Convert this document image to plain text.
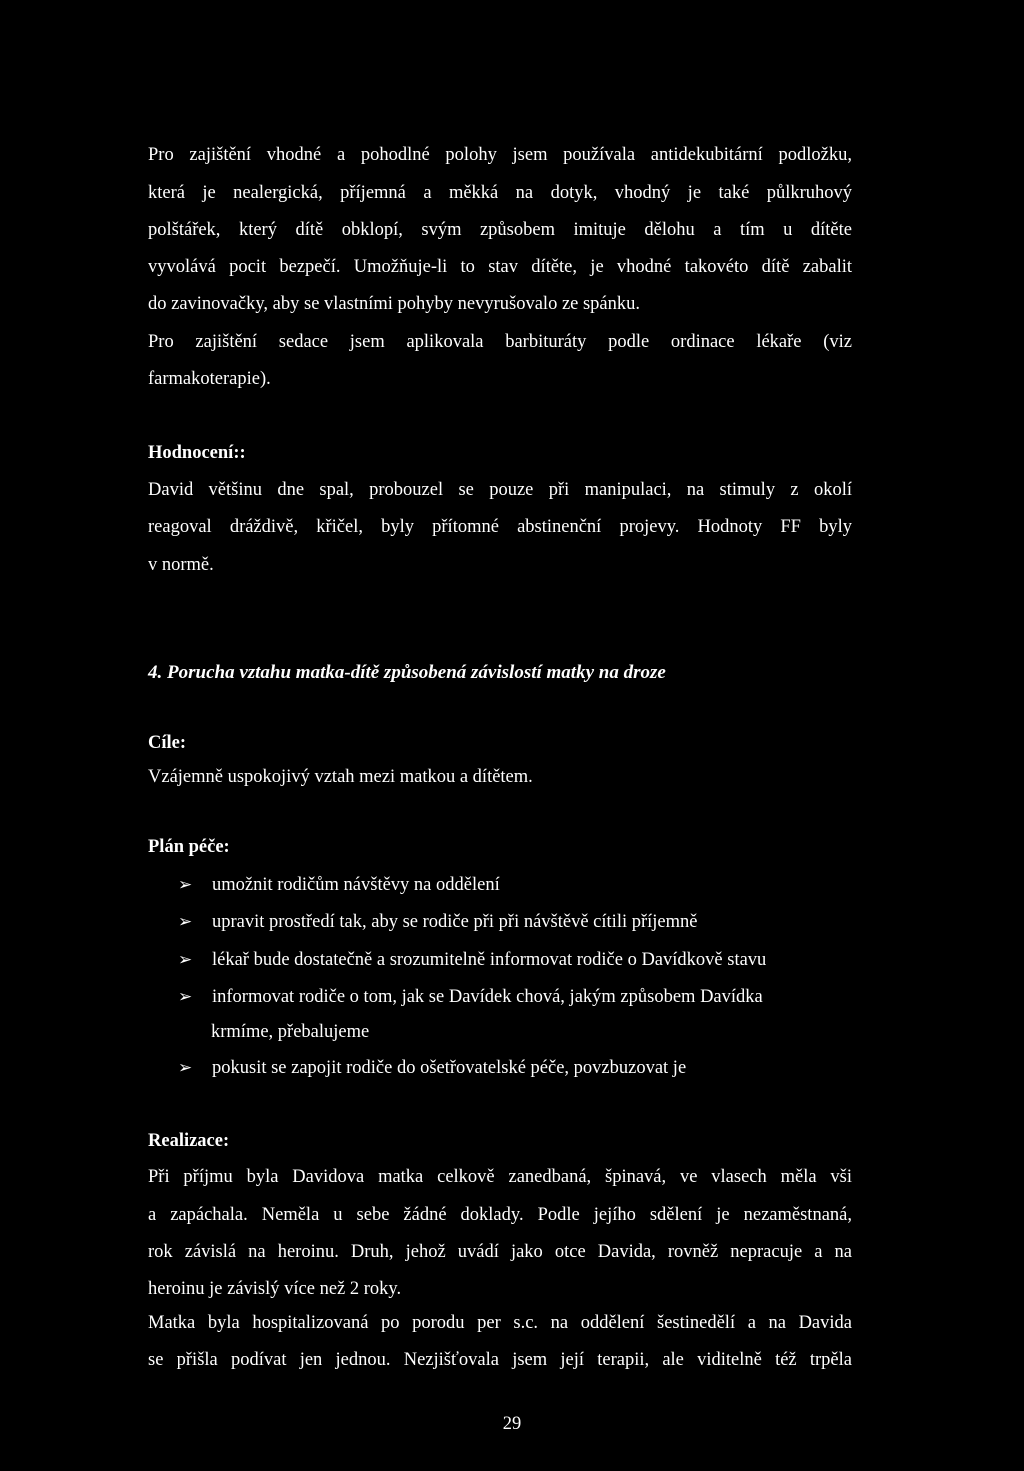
Pro zajištění vhodné a pohodlné polohy jsem používala antidekubitární podložku,
která je nealergická, příjemná a měkká na dotyk, vhodný je také půlkruhový
polštářek, který dítě obklopí, svým způsobem imituje dělohu a tím u dítěte
vyvolává pocit bezpečí. Umožňuje-li to stav dítěte, je vhodné takovéto dítě zabalit
do zavinovačky, aby se vlastními pohyby nevyrušovalo ze spánku.
Pro zajištění sedace jsem aplikovala barbituráty podle ordinace lékaře (viz
farmakoterapie).
Hodnocení::
David většinu dne spal, probouzel se pouze při manipulaci, na stimuly z okolí
reagoval dráždivě, křičel, byly přítomné abstinenční projevy. Hodnoty FF byly
v normě.
4. Porucha vztahu matka-dítě způsobená závislostí matky na droze
Cíle:
Vzájemně uspokojivý vztah mezi matkou a dítětem.
Plán péče:
➢ umožnit rodičům návštěvy na oddělení
➢ upravit prostředí tak, aby se rodiče při při návštěvě cítili příjemně
➢ lékař bude dostatečně a srozumitelně informovat rodiče o Davídkově stavu
➢ informovat rodiče o tom, jak se Davídek chová, jakým způsobem Davídka
krmíme, přebalujeme
➢ pokusit se zapojit rodiče do ošetřovatelské péče, povzbuzovat je
Realizace:
Při příjmu byla Davidova matka celkově zanedbaná, špinavá, ve vlasech měla vši
a zapáchala. Neměla u sebe žádné doklady. Podle jejího sdělení je nezaměstnaná,
rok závislá na heroinu. Druh, jehož uvádí jako otce Davida, rovněž nepracuje a na
heroinu je závislý více než 2 roky.
Matka byla hospitalizovaná po porodu per s.c. na oddělení šestinedělí a na Davida
se přišla podívat jen jednou. Nezjišťovala jsem její terapii, ale viditelně též trpěla
29
